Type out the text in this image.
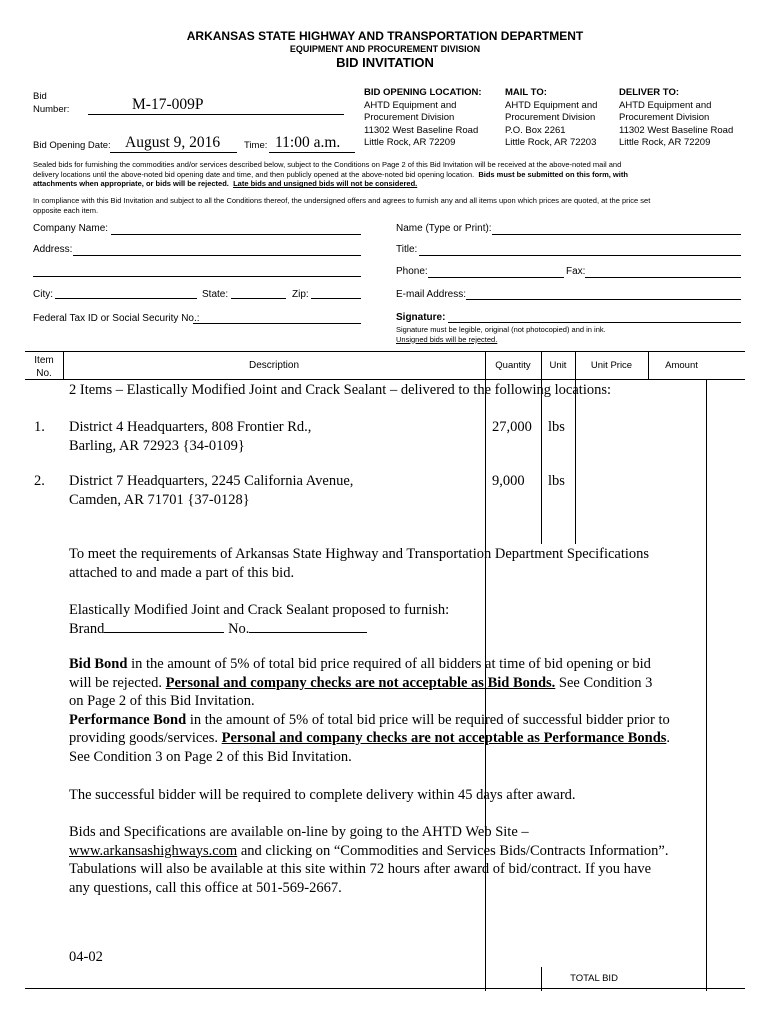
ARKANSAS STATE HIGHWAY AND TRANSPORTATION DEPARTMENT
EQUIPMENT AND PROCUREMENT DIVISION
BID INVITATION
Bid
Number:	M-17-009P
Bid Opening Date: August 9, 2016	Time: 11:00 a.m.
BID OPENING LOCATION:
AHTD Equipment and
Procurement Division
11302 West Baseline Road
Little Rock, AR 72209
MAIL TO:
AHTD Equipment and
Procurement Division
P.O. Box 2261
Little Rock, AR 72203
DELIVER TO:
AHTD Equipment and
Procurement Division
11302 West Baseline Road
Little Rock, AR 72209
Sealed bids for furnishing the commodities and/or services described below, subject to the Conditions on Page 2 of this Bid Invitation will be received at the above-noted mail and
delivery locations until the above-noted bid opening date and time, and then publicly opened at the above-noted bid opening location. Bids must be submitted on this form, with
attachments when appropriate, or bids will be rejected. Late bids and unsigned bids will not be considered.
In compliance with this Bid Invitation and subject to all the Conditions thereof, the undersigned offers and agrees to furnish any and all items upon which prices are quoted, at the price set
opposite each item.
Company Name:
Address:
City:	State:	Zip:
Federal Tax ID or Social Security No.:
Name (Type or Print):
Title:
Phone:	Fax:
E-mail Address:
Signature:
Signature must be legible, original (not photocopied) and in ink.
Unsigned bids will be rejected.
Item
No.
Description	Quantity	Unit	Unit Price	Amount
2 Items – Elastically Modified Joint and Crack Sealant – delivered to the following locations:
1. District 4 Headquarters, 808 Frontier Rd.,
Barling, AR 72923 {34-0109}
27,000 lbs
2. District 7 Headquarters, 2245 California Avenue,
Camden, AR 71701 {37-0128}
9,000 lbs
To meet the requirements of Arkansas State Highway and Transportation Department Specifications
attached to and made a part of this bid.
Elastically Modified Joint and Crack Sealant proposed to furnish:
Brand	No.
Bid Bond in the amount of 5% of total bid price required of all bidders at time of bid opening or bid
will be rejected. Personal and company checks are not acceptable as Bid Bonds. See Condition 3
on Page 2 of this Bid Invitation.
Performance Bond in the amount of 5% of total bid price will be required of successful bidder prior to
providing goods/services. Personal and company checks are not acceptable as Performance Bonds.
See Condition 3 on Page 2 of this Bid Invitation.
The successful bidder will be required to complete delivery within 45 days after award.
Bids and Specifications are available on-line by going to the AHTD Web Site –
www.arkansashighways.com and clicking on “Commodities and Services Bids/Contracts Information”.
Tabulations will also be available at this site within 72 hours after award of bid/contract. If you have
any questions, call this office at 501-569-2667.
04-02
TOTAL BID
